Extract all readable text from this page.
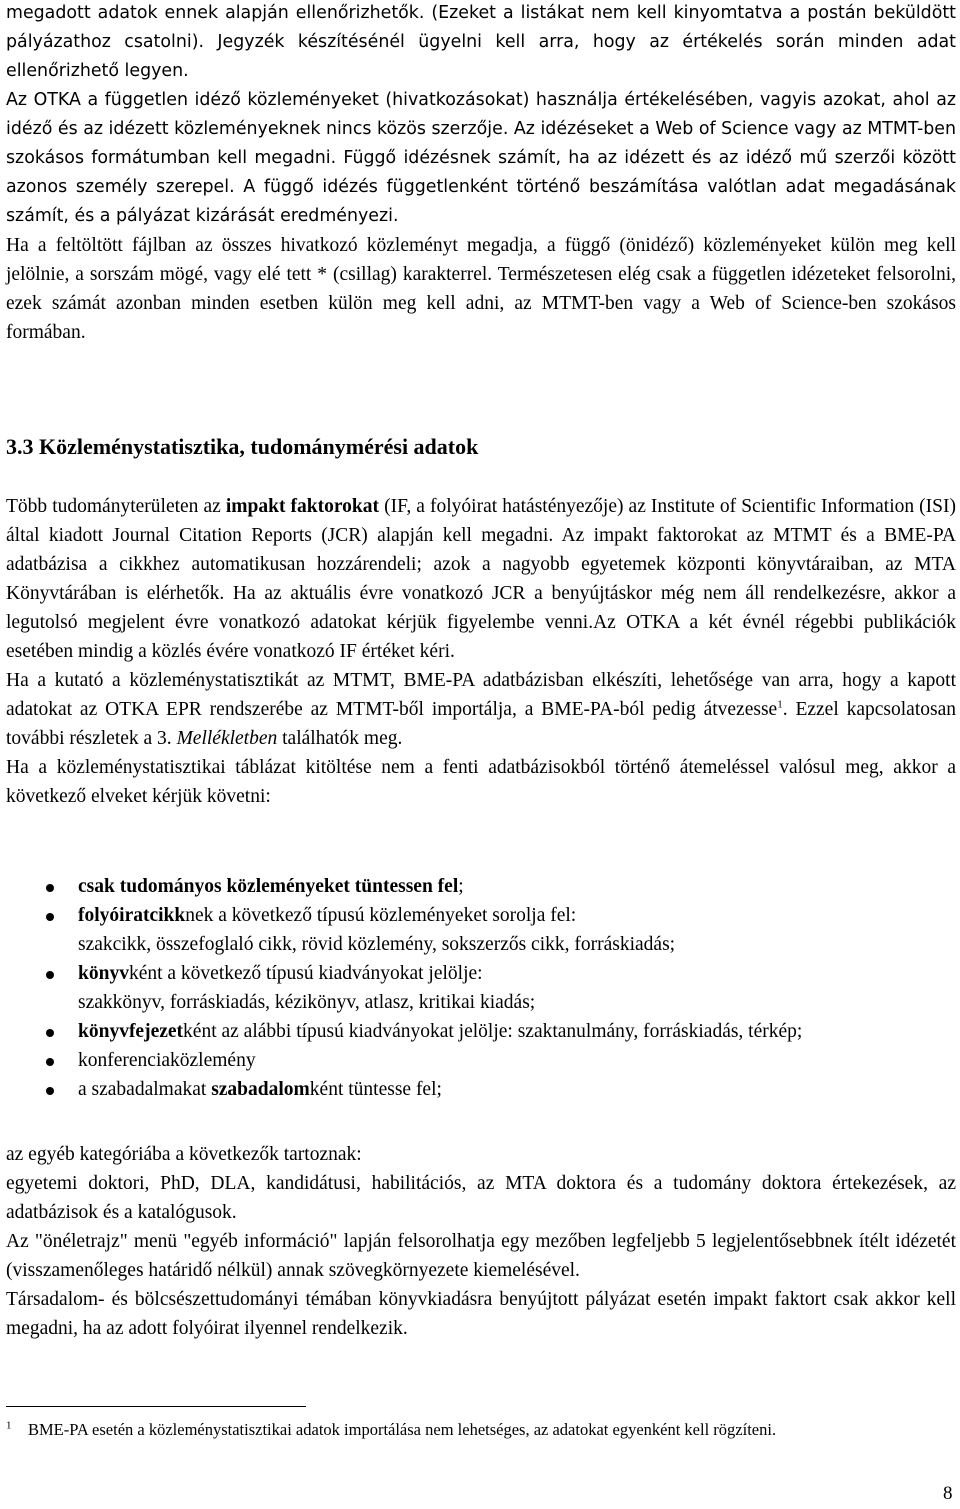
megadott adatok ennek alapján ellenőrizhetők. (Ezeket a listákat nem kell kinyomtatva a postán beküldött pályázathoz csatolni). Jegyzék készítésénél ügyelni kell arra, hogy az értékelés során minden adat ellenőrizhető legyen.
Az OTKA a független idéző közleményeket (hivatkozásokat) használja értékelésében, vagyis azokat, ahol az idéző és az idézett közleményeknek nincs közös szerzője. Az idézéseket a Web of Science vagy az MTMT-ben szokásos formátumban kell megadni. Függő idézésnek számít, ha az idézett és az idéző mű szerzői között azonos személy szerepel. A függő idézés függetlenként történő beszámítása valótlan adat megadásának számít, és a pályázat kizárását eredményezi.
Ha a feltöltött fájlban az összes hivatkozó közleményt megadja, a függő (önidéző) közleményeket külön meg kell jelölnie, a sorszám mögé, vagy elé tett * (csillag) karakterrel. Természetesen elég csak a független idézeteket felsorolni, ezek számát azonban minden esetben külön meg kell adni, az MTMT-ben vagy a Web of Science-ben szokásos formában.
3.3 Közleménystatisztika, tudománymérési adatok
Több tudományterületen az impakt faktorokat (IF, a folyóirat hatástényezője) az Institute of Scientific Information (ISI) által kiadott Journal Citation Reports (JCR) alapján kell megadni. Az impakt faktorokat az MTMT és a BME-PA adatbázisa a cikkhez automatikusan hozzárendeli; azok a nagyobb egyetemek központi könyvtáraiban, az MTA Könyvtárában is elérhetők. Ha az aktuális évre vonatkozó JCR a benyújtáskor még nem áll rendelkezésre, akkor a legutolsó megjelent évre vonatkozó adatokat kérjük figyelembe venni.Az OTKA a két évnél régebbi publikációk esetében mindig a közlés évére vonatkozó IF értéket kéri.
Ha a kutató a közleménystatisztikát az MTMT, BME-PA adatbázisban elkészíti, lehetősége van arra, hogy a kapott adatokat az OTKA EPR rendszerébe az MTMT-ből importálja, a BME-PA-ból pedig átvezesse$^1$. Ezzel kapcsolatosan további részletek a 3. Mellékletben találhatók meg.
Ha a közleménystatisztikai táblázat kitöltése nem a fenti adatbázisokból történő átemeléssel valósul meg, akkor a következő elveket kérjük követni:
csak tudományos közleményeket tüntessen fel;
folyóiratcikknek a következő típusú közleményeket sorolja fel:
szakcikk, összefoglaló cikk, rövid közlemény, sokszerzős cikk, forráskiadás;
könyvként a következő típusú kiadványokat jelölje:
szakkönyv, forráskiadás, kézikönyv, atlasz, kritikai kiadás;
könyvfejezetként az alábbi típusú kiadványokat jelölje: szaktanulmány, forráskiadás, térkép;
konferenciaközlemény
a szabadalmakat szabadalomként tüntesse fel;
az egyéb kategóriába a következők tartoznak:
egyetemi doktori, PhD, DLA, kandidátusi, habilitációs, az MTA doktora és a tudomány doktora értekezések, az adatbázisok és a katalógusok.
Az "önéletrajz" menü "egyéb információ" lapján felsorolhatja egy mezőben legfeljebb 5 legjelentősebbnek ítélt idézetét (visszamenőleges határidő nélkül) annak szövegkörnyezete kiemelésével.
Társadalom- és bölcsészettudományi témában könyvkiadásra benyújtott pályázat esetén impakt faktort csak akkor kell megadni, ha az adott folyóirat ilyennel rendelkezik.
$^1$ BME-PA esetén a közleménystatisztikai adatok importálása nem lehetséges, az adatokat egyenként kell rögzíteni.
8
